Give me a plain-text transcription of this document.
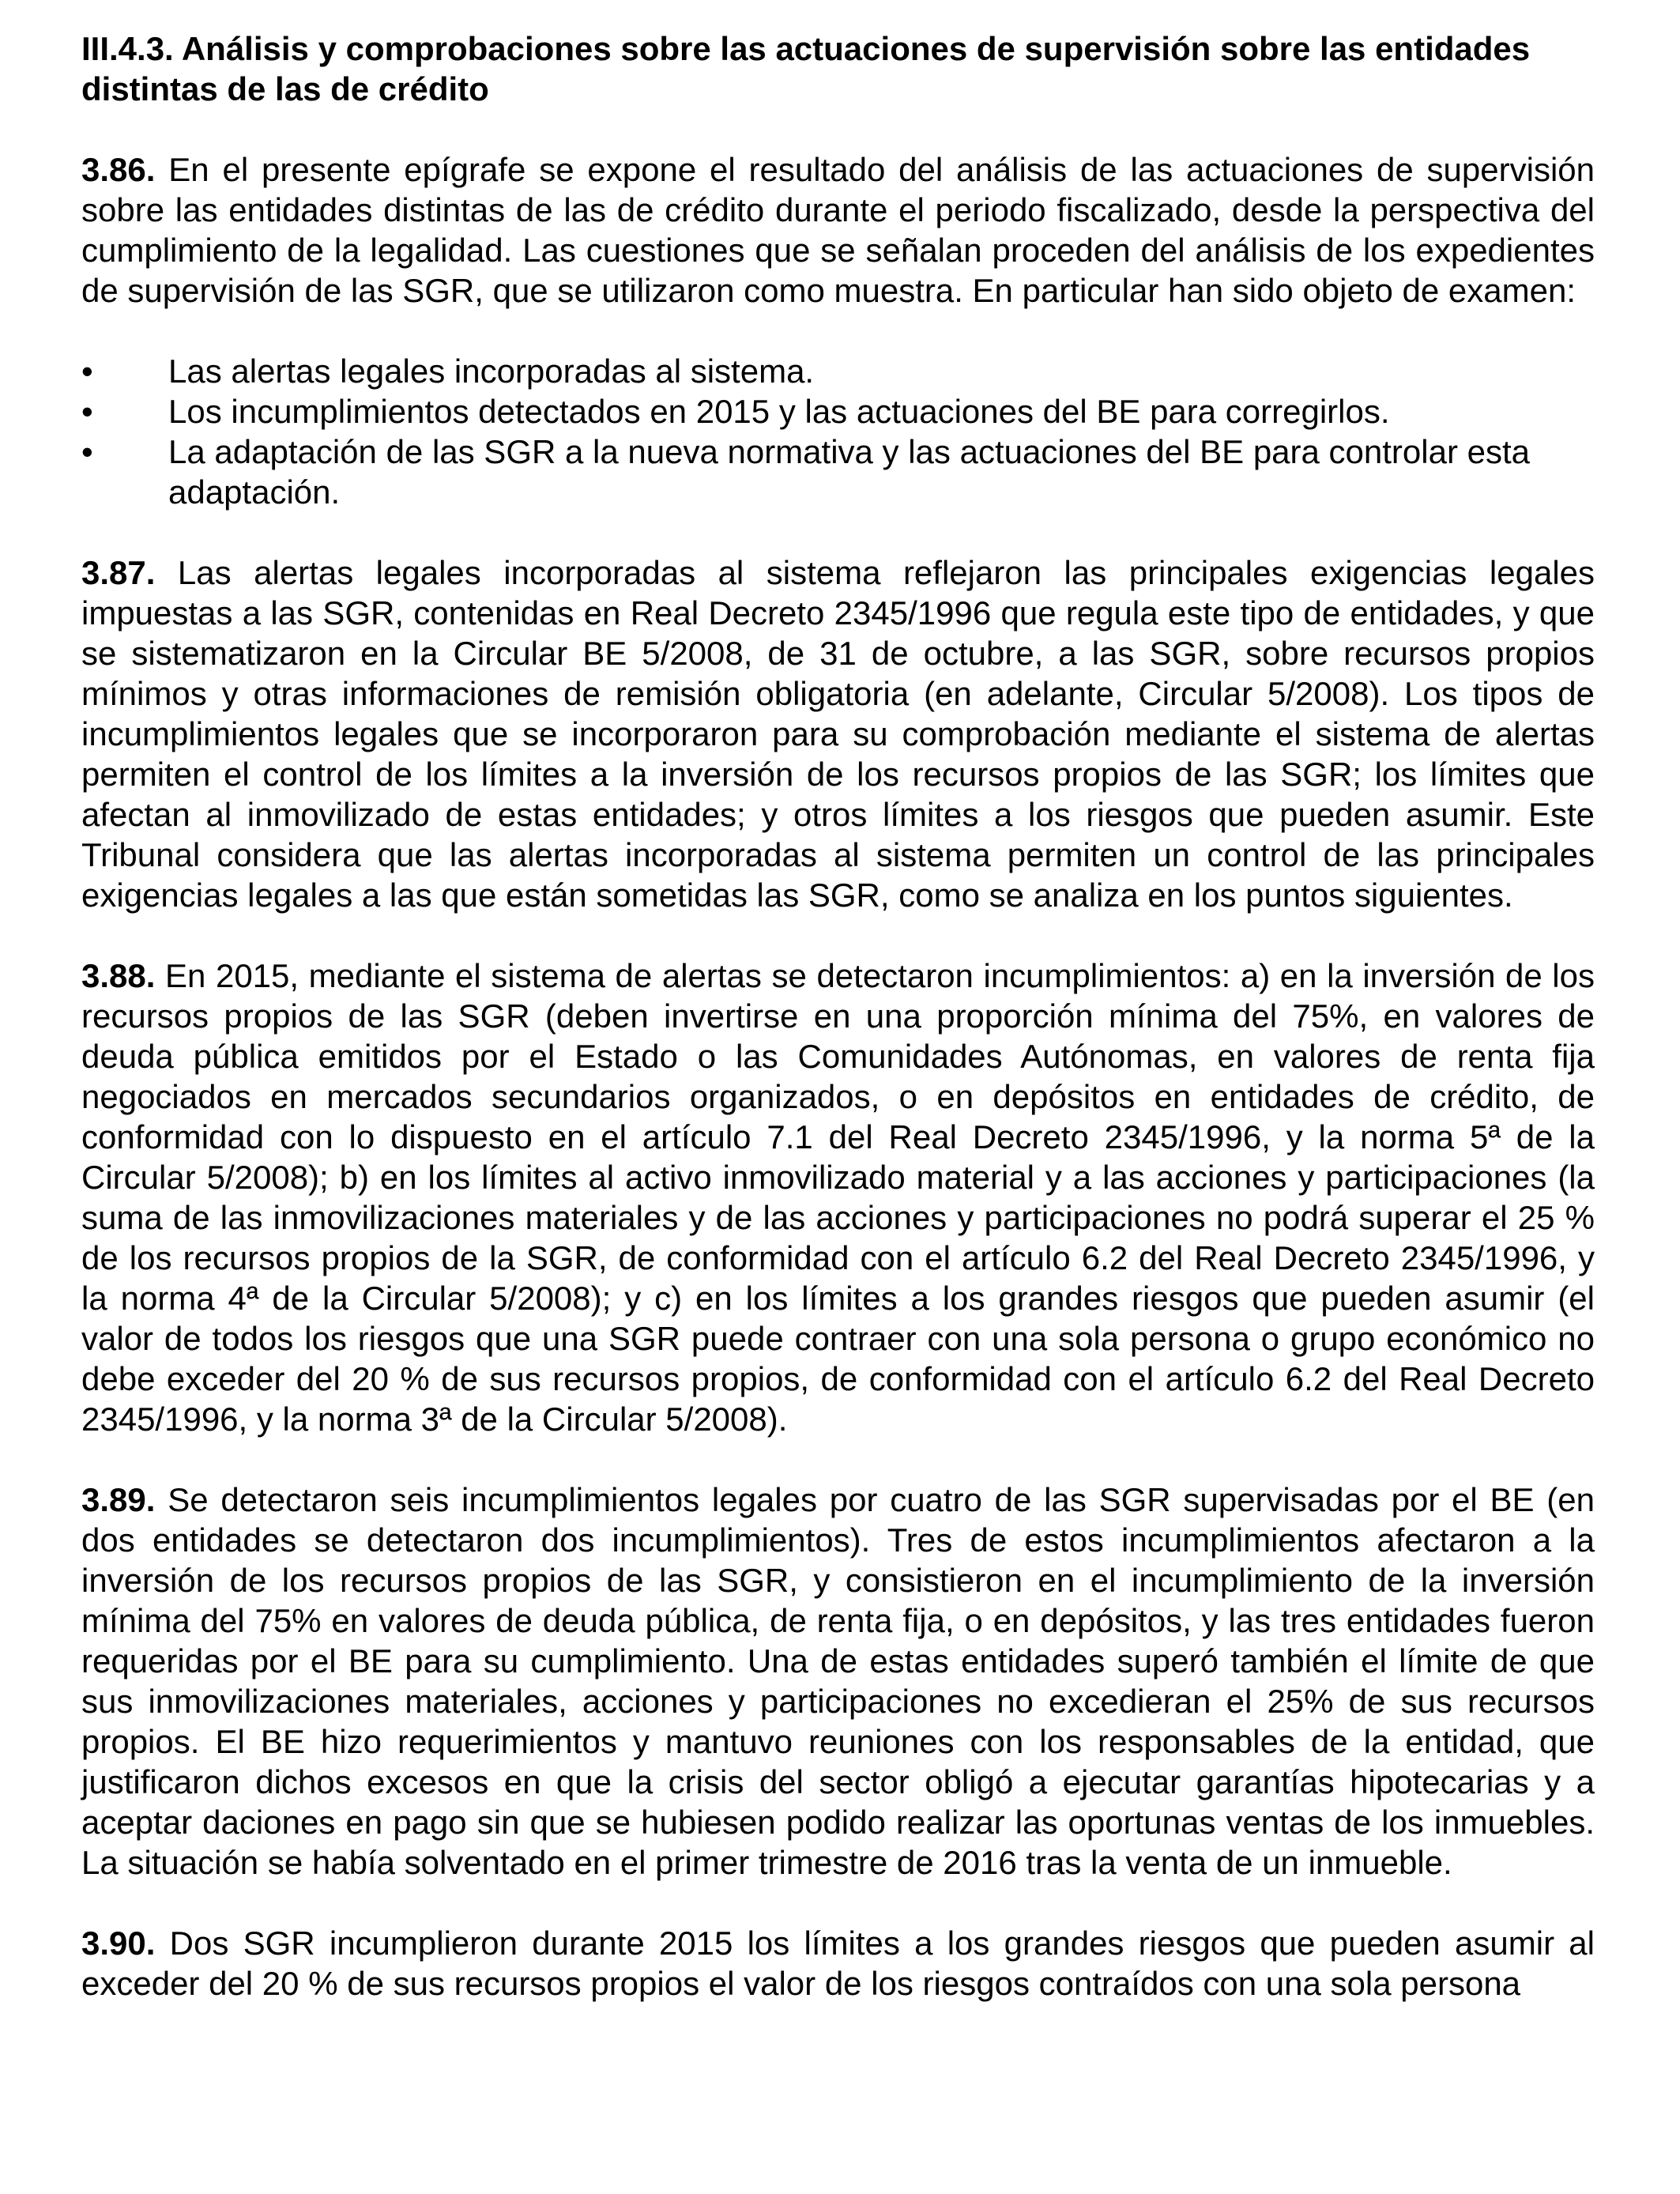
III.4.3. Análisis y comprobaciones sobre las actuaciones de supervisión sobre las entidades distintas de las de crédito

3.86. En el presente epígrafe se expone el resultado del análisis de las actuaciones de supervisión sobre las entidades distintas de las de crédito durante el periodo fiscalizado, desde la perspectiva del cumplimiento de la legalidad. Las cuestiones que se señalan proceden del análisis de los expedientes de supervisión de las SGR, que se utilizaron como muestra. En particular han sido objeto de examen:

• Las alertas legales incorporadas al sistema.
• Los incumplimientos detectados en 2015 y las actuaciones del BE para corregirlos.
• La adaptación de las SGR a la nueva normativa y las actuaciones del BE para controlar esta adaptación.

3.87. Las alertas legales incorporadas al sistema reflejaron las principales exigencias legales impuestas a las SGR, contenidas en Real Decreto 2345/1996 que regula este tipo de entidades, y que se sistematizaron en la Circular BE 5/2008, de 31 de octubre, a las SGR, sobre recursos propios mínimos y otras informaciones de remisión obligatoria (en adelante, Circular 5/2008). Los tipos de incumplimientos legales que se incorporaron para su comprobación mediante el sistema de alertas permiten el control de los límites a la inversión de los recursos propios de las SGR; los límites que afectan al inmovilizado de estas entidades; y otros límites a los riesgos que pueden asumir. Este Tribunal considera que las alertas incorporadas al sistema permiten un control de las principales exigencias legales a las que están sometidas las SGR, como se analiza en los puntos siguientes.

3.88. En 2015, mediante el sistema de alertas se detectaron incumplimientos: a) en la inversión de los recursos propios de las SGR (deben invertirse en una proporción mínima del 75%, en valores de deuda pública emitidos por el Estado o las Comunidades Autónomas, en valores de renta fija negociados en mercados secundarios organizados, o en depósitos en entidades de crédito, de conformidad con lo dispuesto en el artículo 7.1 del Real Decreto 2345/1996, y la norma 5ª de la Circular 5/2008); b) en los límites al activo inmovilizado material y a las acciones y participaciones (la suma de las inmovilizaciones materiales y de las acciones y participaciones no podrá superar el 25 % de los recursos propios de la SGR, de conformidad con el artículo 6.2 del Real Decreto 2345/1996, y la norma 4ª de la Circular 5/2008); y c) en los límites a los grandes riesgos que pueden asumir (el valor de todos los riesgos que una SGR puede contraer con una sola persona o grupo económico no debe exceder del 20 % de sus recursos propios, de conformidad con el artículo 6.2 del Real Decreto 2345/1996, y la norma 3ª de la Circular 5/2008).

3.89. Se detectaron seis incumplimientos legales por cuatro de las SGR supervisadas por el BE (en dos entidades se detectaron dos incumplimientos). Tres de estos incumplimientos afectaron a la inversión de los recursos propios de las SGR, y consistieron en el incumplimiento de la inversión mínima del 75% en valores de deuda pública, de renta fija, o en depósitos, y las tres entidades fueron requeridas por el BE para su cumplimiento. Una de estas entidades superó también el límite de que sus inmovilizaciones materiales, acciones y participaciones no excedieran el 25% de sus recursos propios. El BE hizo requerimientos y mantuvo reuniones con los responsables de la entidad, que justificaron dichos excesos en que la crisis del sector obligó a ejecutar garantías hipotecarias y a aceptar daciones en pago sin que se hubiesen podido realizar las oportunas ventas de los inmuebles. La situación se había solventado en el primer trimestre de 2016 tras la venta de un inmueble.

3.90. Dos SGR incumplieron durante 2015 los límites a los grandes riesgos que pueden asumir al exceder del 20 % de sus recursos propios el valor de los riesgos contraídos con una sola persona
